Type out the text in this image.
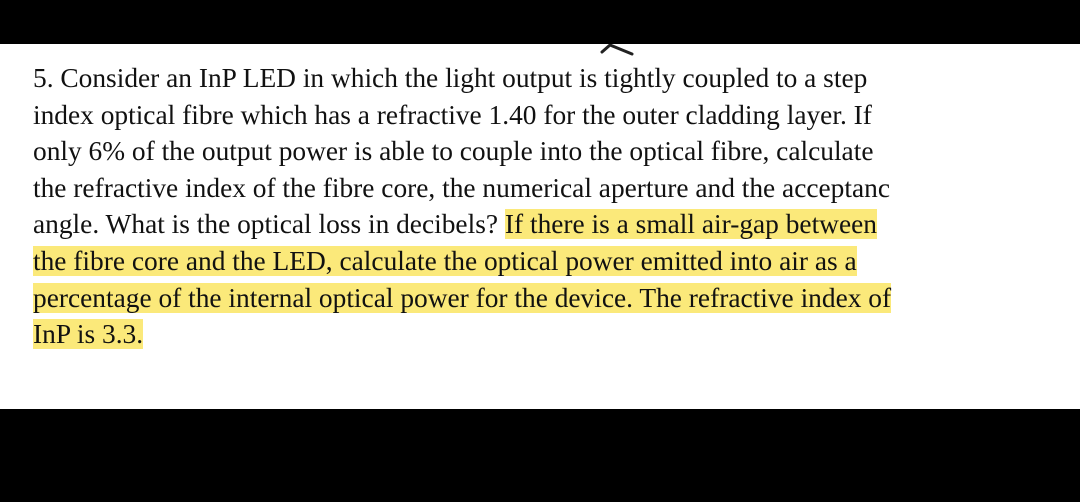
5. Consider an InP LED in which the light output is tightly coupled to a step
index optical fibre which has a refractive 1.40 for the outer cladding layer. If
only 6% of the output power is able to couple into the optical fibre, calculate
the refractive index of the fibre core, the numerical aperture and the acceptanc
angle. What is the optical loss in decibels? If there is a small air-gap between
the fibre core and the LED, calculate the optical power emitted into air as a
percentage of the internal optical power for the device. The refractive index of
InP is 3.3.
